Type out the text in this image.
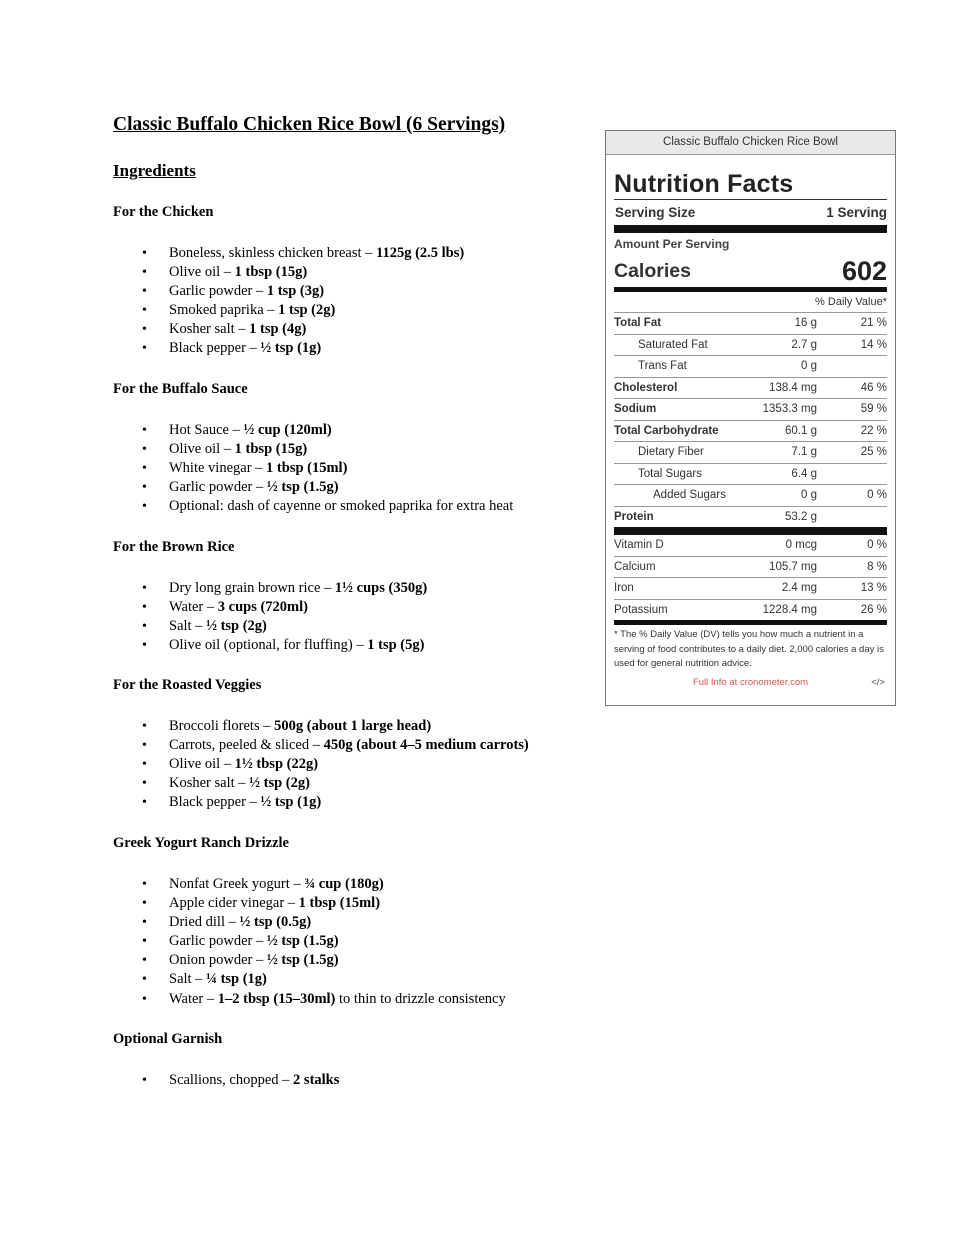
Classic Buffalo Chicken Rice Bowl (6 Servings)
Ingredients
For the Chicken
• Boneless, skinless chicken breast – 1125g (2.5 lbs)
• Olive oil – 1 tbsp (15g)
• Garlic powder – 1 tsp (3g)
• Smoked paprika – 1 tsp (2g)
• Kosher salt – 1 tsp (4g)
• Black pepper – ½ tsp (1g)
For the Buffalo Sauce
• Hot Sauce – ½ cup (120ml)
• Olive oil – 1 tbsp (15g)
• White vinegar – 1 tbsp (15ml)
• Garlic powder – ½ tsp (1.5g)
• Optional: dash of cayenne or smoked paprika for extra heat
For the Brown Rice
• Dry long grain brown rice – 1½ cups (350g)
• Water – 3 cups (720ml)
• Salt – ½ tsp (2g)
• Olive oil (optional, for fluffing) – 1 tsp (5g)
For the Roasted Veggies
• Broccoli florets – 500g (about 1 large head)
• Carrots, peeled & sliced – 450g (about 4–5 medium carrots)
• Olive oil – 1½ tbsp (22g)
• Kosher salt – ½ tsp (2g)
• Black pepper – ½ tsp (1g)
Greek Yogurt Ranch Drizzle
• Nonfat Greek yogurt – ¾ cup (180g)
• Apple cider vinegar – 1 tbsp (15ml)
• Dried dill – ½ tsp (0.5g)
• Garlic powder – ½ tsp (1.5g)
• Onion powder – ½ tsp (1.5g)
• Salt – ¼ tsp (1g)
• Water – 1–2 tbsp (15–30ml) to thin to drizzle consistency
Optional Garnish
• Scallions, chopped – 2 stalks
Classic Buffalo Chicken Rice Bowl
Nutrition Facts
Serving Size	1 Serving
Amount Per Serving
Calories	602
% Daily Value*
Total Fat	16 g	21 %
Saturated Fat	2.7 g	14 %
Trans Fat	0 g
Cholesterol	138.4 mg	46 %
Sodium	1353.3 mg	59 %
Total Carbohydrate	60.1 g	22 %
Dietary Fiber	7.1 g	25 %
Total Sugars	6.4 g
Added Sugars	0 g	0 %
Protein	53.2 g
Vitamin D	0 mcg	0 %
Calcium	105.7 mg	8 %
Iron	2.4 mg	13 %
Potassium	1228.4 mg	26 %
* The % Daily Value (DV) tells you how much a nutrient in a serving of food contributes to a daily diet. 2,000 calories a day is used for general nutrition advice.
Full Info at cronometer.com	</>
